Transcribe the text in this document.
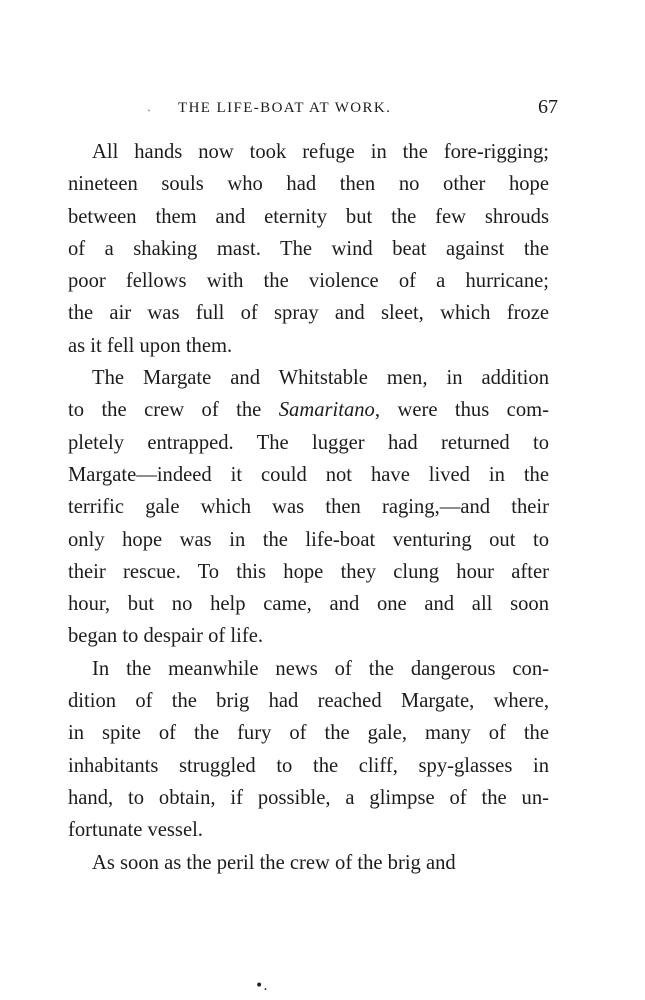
ˏ THE LIFE-BOAT AT WORK.	67
All hands now took refuge in the fore-rigging;
nineteen souls who had then no other hope
between them and eternity but the few shrouds
of a shaking mast. The wind beat against the
poor fellows with the violence of a hurricane;
the air was full of spray and sleet, which froze
as it fell upon them.
The Margate and Whitstable men, in addition
to the crew of the Samaritano, were thus com-
pletely entrapped. The lugger had returned to
Margate—indeed it could not have lived in the
terrific gale which was then raging,—and their
only hope was in the life-boat venturing out to
their rescue. To this hope they clung hour after
hour, but no help came, and one and all soon
began to despair of life.
In the meanwhile news of the dangerous con-
dition of the brig had reached Margate, where,
in spite of the fury of the gale, many of the
inhabitants struggled to the cliff, spy-glasses in
hand, to obtain, if possible, a glimpse of the un-
fortunate vessel.
As soon as the peril the crew of the brig and
•.
